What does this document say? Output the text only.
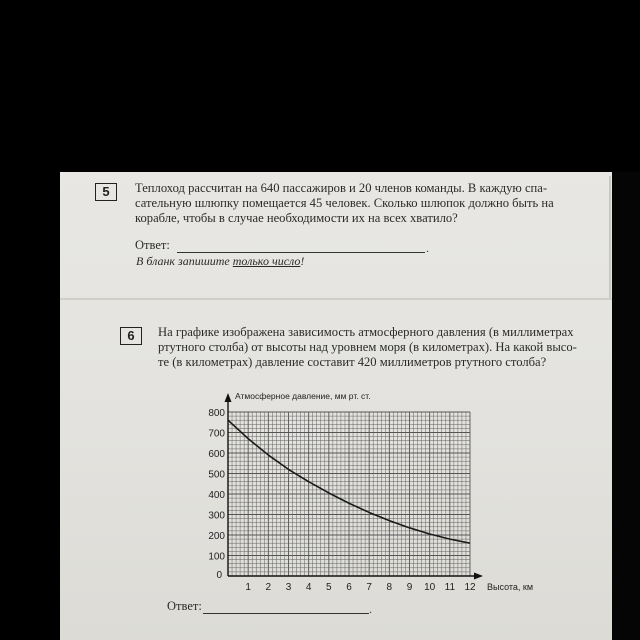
5	Теплоход рассчитан на 640 пассажиров и 20 членов команды. В каждую спа-
сательную шлюпку помещается 45 человек. Сколько шлюпок должно быть на
корабле, чтобы в случае необходимости их на всех хватило?
Ответ:	.
В бланк запишите только число!
6	На графике изображена зависимость атмосферного давления (в миллиметрах
ртутного столба) от высоты над уровнем моря (в километрах). На какой высо-
те (в километрах) давление составит 420 миллиметров ртутного столба?
100
200
300
400
500
600
700
800
1 2 3 4 5 6 7 8 9 10 11 12
0
Атмосферное давление, мм рт. ст.
Высота, км
Ответ:	.
